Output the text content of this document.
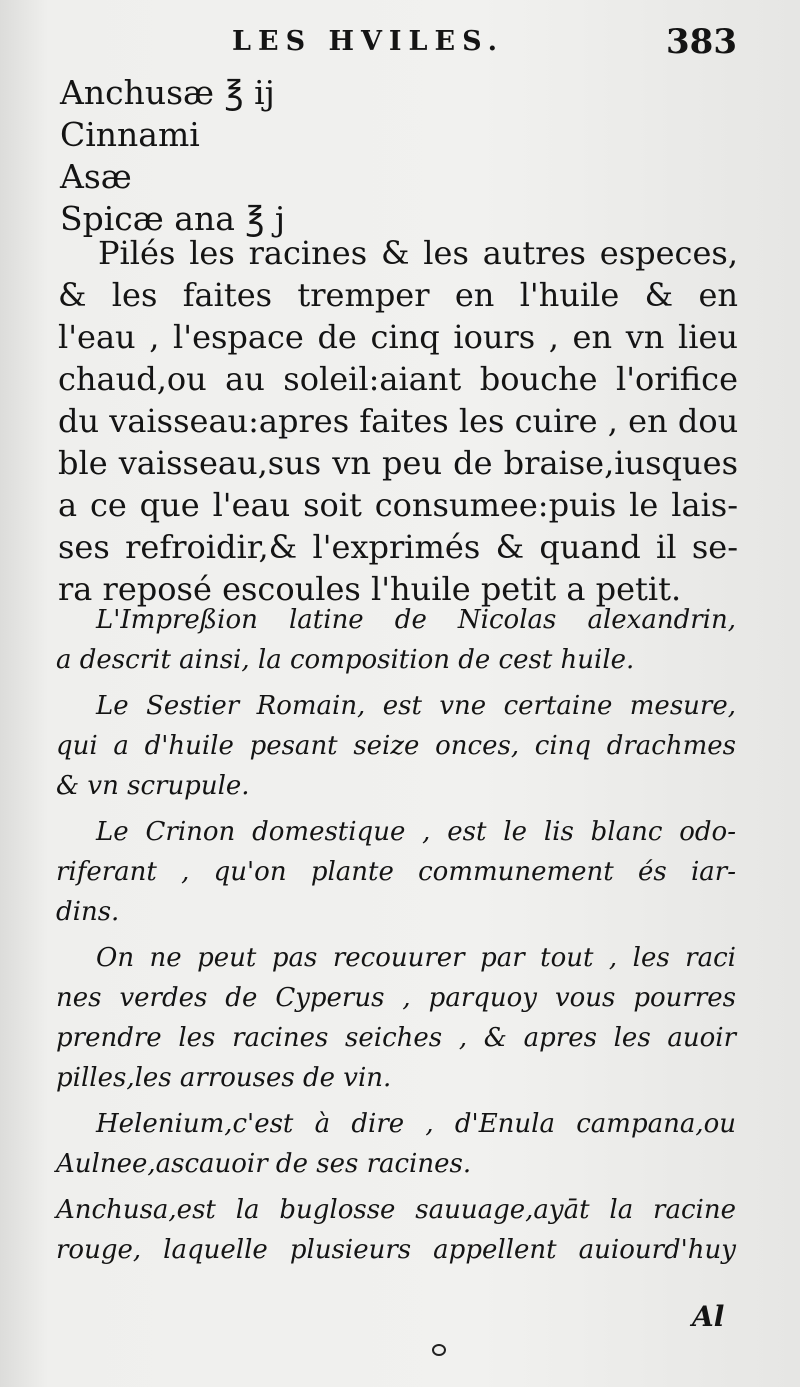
LES HVILES.	383
Anchusæ ℥ ij
Cinnami
Asæ
Spicæ ana ℥ j
Pilés les racines & les autres especes,
& les faites tremper en l'huile & en
l'eau , l'espace de cinq iours , en vn lieu
chaud,ou au soleil:aiant bouche l'orifice
du vaisseau:apres faites les cuire , en dou
ble vaisseau,sus vn peu de braise,iusques
a ce que l'eau soit consumee:puis le lais-
ses refroidir,& l'exprimés & quand il se-
ra reposé escoules l'huile petit a petit.
L'Impreßion latine de Nicolas alexandrin,
a descrit ainsi, la composition de cest huile.
Le Sestier Romain, est vne certaine mesure,
qui a d'huile pesant seize onces, cinq drachmes
& vn scrupule.
Le Crinon domestique , est le lis blanc odo-
riferant , qu'on plante communement és iar-
dins.
On ne peut pas recouurer par tout , les raci
nes verdes de Cyperus , parquoy vous pourres
prendre les racines seiches , & apres les auoir
pilles,les arrouses de vin.
Helenium,c'est à dire , d'Enula campana,ou
Aulnee,ascauoir de ses racines.
Anchusa,est la buglosse sauuage,ayāt la racine
rouge, laquelle plusieurs appellent auiourd'huy
Al
